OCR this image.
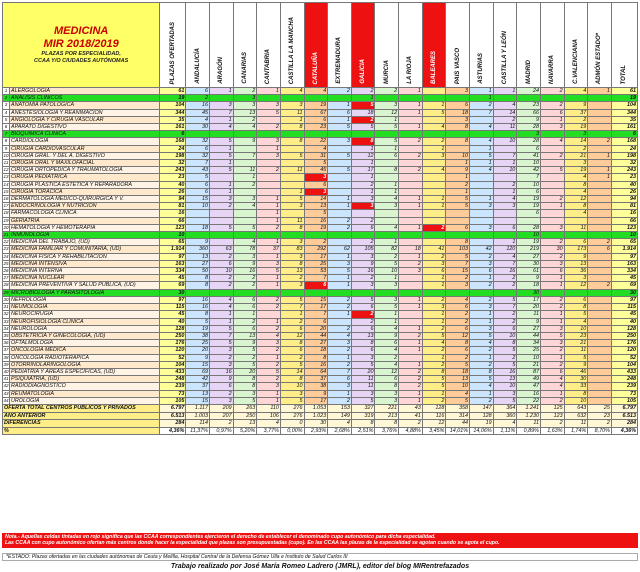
MEDICINA
MIR 2018/2019
PLAZAS POR ESPECIALIDAD,
CCAA Y/O CIUDADES AUTÓNOMAS		PLAZAS OFERTADAS	ANDALUCÍA	ARAGÓN	CANARIAS	CANTABRIA	CASTILLA LA MANCHA	CATALUÑA	EXTREMADURA	GALICIA	MURCIA	LA RIOJA	BALEARES	PAIS VASCO	ASTURIAS	CASTILLA Y LEÓN	MADRID	NAVARRA	C.VALENCIANA	ADMÓN ESTADO*	TOTAL

1	ALERGOLOGÍA	61	6	1	2	1	4	4	2	2	2	1		3	1	1	24	2	4	1	61
2	ANÁLISIS CLÍNICOS	19	2		3					1					1						19
3	ANATOMÍA PATOLÓGICA	104	16	3	3	3	3	19	1	5	3	1	1	6	2	4	23	2	9		104
4	ANESTESIOLOGÍA Y REANIMACIÓN	344	45	7	13	5	11	67	6	18	12	1	5	18	7	14	66	6	37		344
5	ANGIOLOGÍA Y CIRUGÍA VASCULAR	35	4	1	2		1	6	1	2	1			3		2	9	1	2		35
6	APARATO DIGESTIVO	161	30	4	4	2	8	23	5	5	5	1	4	8	4	11	28	3	19		161
7	BIOQUÍMICA CLÍNICA	6															3		3		6
8	CARDIOLOGÍA	168	32	5	9	3	8	22	3	8	5	2	2	8	4	10	28	4	14	2	168
9	CIRUGÍA CARDIOVASCULAR	24	6	1		1		4		1	1		1		1		6		2		24
10	CIRUGÍA GRAL. Y DEL A. DIGESTIVO	198	32	5	7	3	5	31	5	12	6	2	3	10	5	7	41	2	21	1	198
11	CIRUGÍA ORAL Y MAXILOFACIAL	32	7	1				5		1				1	1	1	10		3		32
12	CIRUGÍA ORTOPÉDICA Y TRAUMATOLOGÍA	243	43	5	11	2	11	45	5	17	8	2	4	9	4	10	42	5	19	1	243
13	CIRUGÍA PEDIÁTRICA	23	5		1			3		1				1			7		4	1	23
14	CIRUGÍA PLÁSTICA ESTÉTICA Y REPARADORA	40	6	1	2			6		2	1			2		2	10		8		40
15	CIRUGÍA TORÁCICA	26	6	1			1	3		1	1			1		1	6		4		26
16	DERMATOLOGÍA MÉDICO-QUIRÚRGICA Y V.	94	15	3	3	1	5	14	1	3	4	1	1	5	1	4	19	2	12		94
17	ENDOCRINOLOGÍA Y NUTRICIÓN	81	10	2	4	1	3	13	1	3	3	1	1	5	3	3	19	1	8		81
18	FARMACOLOGÍA CLÍNICA	16				1		5									6		4		16
19	GERIATRÍA	66				1	11	16	2	2											66
20	HEMATOLOGÍA Y HEMOTERAPIA	123	18	5	5	2	8	19	2	6	4	1	2	6	3	6	28	3	11		123
21	INMUNOLOGÍA	10															10				10
22	MEDICINA DEL TRABAJO, (UD)	65	9		4	1	3	2		2	1			8		1	19	2	6	2	65
23	MEDICINA FAMILIAR Y COMUNITARIA, (UD)	1.914	360	63	78	37	83	292	62	105	82	18	41	103	42	120	219	30	173	6	1.914
24	MEDICINA FÍSICA Y REHABILITACIÓN	97	13	2	3	1	3	17	1	3	2	1	2	5	2	4	27	2	9		97
25	MEDICINA INTENSIVA	163	27	6	9	3	8	25	3	9	5	2	3	7	3	7	30	3	13		163
26	MEDICINA INTERNA	334	50	10	16	5	13	53	5	16	10	3	6	15	6	16	61	6	36		334
27	MEDICINA NUCLEAR	45	8	2	2	1	2	7	1	2	1		1	2	1	2	9	1	3		45
28	MEDICINA PREVENTIVA Y SALUD PÚBLICA, (UD)	69	8	2	2	1	3	6	1	3	3		1	3	2	2	18	1	12	2	69
29	MICROBIOLOGÍA Y PARASITOLOGÍA	30															30				30
30	NEFROLOGÍA	97	16	4	6	2	5	15	2	5	3	1	2	4	2	5	17	2	6		97
31	NEUMOLOGÍA	115	16	4	6	2	7	17	2	6	5	1	3	6	3	7	20	2	8		115
32	NEUROCIRUGÍA	45	8	1	1		1	7	1	2	1		1	2	1	2	11	1	5		45
33	NEUROFISIOLOGÍA CLÍNICA	40	5	1	2	1	2	6		2	1		1	2	1	2	9	1	4		40
34	NEUROLOGÍA	128	19	5	6	2	6	20	2	6	4	1	2	6	3	6	27	3	10		128
35	OBSTETRICIA Y GINECOLOGÍA, (UD)	250	38	7	13	4	12	44	4	13	9	2	5	12	5	10	44	5	23		250
36	OFTALMOLOGÍA	176	25	5	9	3	8	27	3	8	6	1	4	8	4	8	34	3	21		176
37	ONCOLOGÍA MÉDICA	120	20	3	5	2	6	18	2	6	4	1	2	6	2	5	25	2	11		120
38	ONCOLOGÍA RADIOTERÁPICA	52	9	2	2	1	2	8	1	3	2		1	2	1	2	10	1	5		52
39	OTORRINOLARINGOLOGÍA	104	15	3	5	2	5	16	2	5	4	1	2	5	2	5	21	2	9		104
40	PEDIATRÍA Y ÁREAS ESPECÍFICAS, (UD)	433	69	16	20	5	14	64	7	20	12	2	8	18	8	16	87	6	46		433
41	PSIQUIATRÍA, (UD)	248	42	9	8	2	8	37	6	11	6	2	5	13	5	13	49	4	30		248
42	RADIODIAGNÓSTICO	239	37	6	8	3	10	38	3	11	8	2	5	10	4	10	47	4	33		239
43	REUMATOLOGÍA	73	13	2	3	1	3	9	1	3	3	1	1	4	1	3	16	1	8		73
44	UROLOGÍA	105	15	3	5	1	5	17	2	5	3	1	2	5	2	5	22	2	10		105
OFERTA TOTAL CENTROS PÚBLICOS Y PRIVADOS		6.797	1.117	209	263	110	276	1.053	153	327	221	43	128	358	147	364	1.241	125	643	25	6.797
AÑO ANTERIOR		6.513	1.003	207	250	106	276	1.023	149	319	213	41	116	314	128	360	1.230	123	632	23	6.513
DIFERENCIAS		284	114	2	13	4	0	30	4	8	8	2	12	44	19	4	11	2	11	2	284
%		4,36%	11,37%	0,97%	5,20%	3,77%	0,00%	2,93%	2,68%	2,51%	3,76%	4,88%	3,45%	14,01%	14,06%	1,11%	0,89%	1,63%	1,74%	8,70%	4,36%
Nota.- Aquellas celdas tintadas en rojo significa que las CCAA correspondientes ejercieron el derecho de establecer el denominado cupo autonómico para dicha especialidad.
Las CCAA con cupo autonómico ofertan más centros donde hacer la especialidad que plazas son presupuestadas (cupo). En las CCAA las plazas de la especialidad se agotan cuando se agota el cupo.
*ESTADO: Plazas ofertadas en las ciudades autónomas de Ceuta y Melilla, Hospital Central de la Defensa Gómez Ulla e Instituto de Salud Carlos III
Trabajo realizado por José María Romeo Ladrero (JMRL), editor del blog MIRentrefazados
